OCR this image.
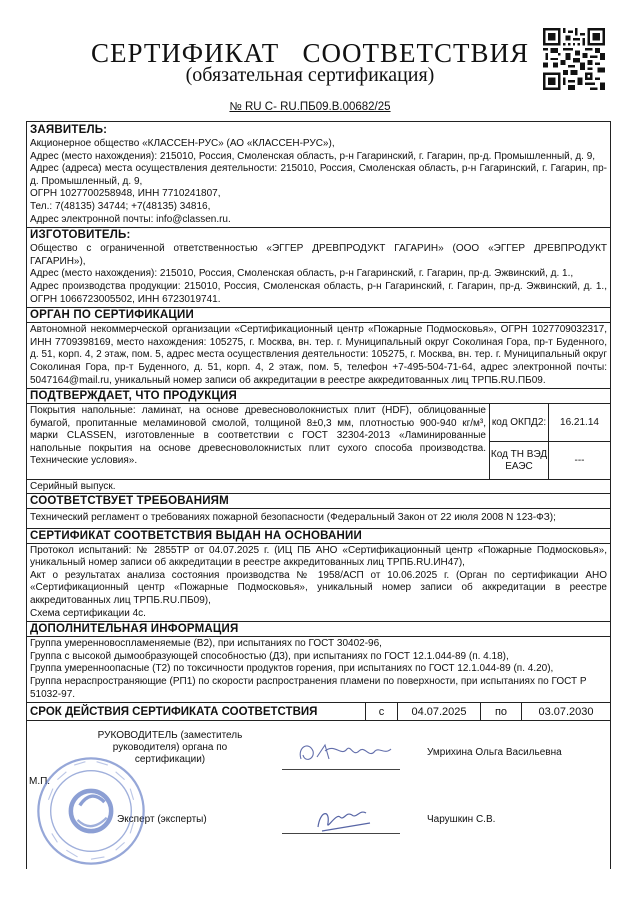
СЕРТИФИКАТ   СООТВЕТСТВИЯ
(обязательная сертификация)
№ RU C- RU.ПБ09.В.00682/25
ЗАЯВИТЕЛЬ:

Акционерное общество «КЛАССЕН-РУС» (АО «КЛАССЕН-РУС»),

Адрес (место нахождения): 215010, Россия, Смоленская область, р-н Гагаринский, г. Гагарин, пр-д. Промышленный, д. 9,

Адрес (адреса) места осуществления деятельности: 215010, Россия, Смоленская область, р-н Гагаринский, г. Гагарин, пр-д. Промышленный, д. 9,

ОГРН 1027700258948, ИНН 7710241807,

Тел.: 7(48135) 34744; +7(48135) 34816,

Адрес электронной почты: info@classen.ru.

ИЗГОТОВИТЕЛЬ:

Общество с ограниченной ответственностью «ЭГГЕР ДРЕВПРОДУКТ ГАГАРИН» (ООО «ЭГГЕР ДРЕВПРОДУКТ ГАГАРИН»),

Адрес (место нахождения): 215010, Россия, Смоленская область, р-н Гагаринский, г. Гагарин, пр-д. Эжвинский, д. 1.,

Адрес производства продукции: 215010, Россия, Смоленская область, р-н Гагаринский, г. Гагарин, пр-д. Эжвинский, д. 1., ОГРН 1066723005502, ИНН 6723019741.

ОРГАН ПО СЕРТИФИКАЦИИ
Автономной некоммерческой организации «Сертификационный центр «Пожарные Подмосковья», ОГРН 1027709032317, ИНН 7709398169, место нахождения: 105275, г. Москва, вн. тер. г. Муниципальный округ Соколиная Гора, пр-т Буденного, д. 51, корп. 4, 2 этаж, пом. 5, адрес места осуществления деятельности: 105275, г. Москва, вн. тер. г. Муниципальный округ Соколиная Гора, пр-т Буденного, д. 51, корп. 4, 2 этаж, пом. 5, телефон +7-495-504-71-64, адрес электронной почты: 5047164@mail.ru, уникальный номер записи об аккредитации в реестре аккредитованных лиц ТРПБ.RU.ПБ09.
ПОДТВЕРЖДАЕТ, ЧТО ПРОДУКЦИЯ
Покрытия напольные: ламинат, на основе древесноволокнистых плит (HDF), облицованные бумагой, пропитанные меламиновой смолой, толщиной 8±0,3 мм, плотностью 900-940 кг/м³, марки CLASSEN, изготовленные в соответствии с ГОСТ 32304-2013 «Ламинированные напольные покрытия на основе древесноволокнистых плит сухого способа производства. Технические условия».
код ОКПД2:	16.21.14
Код ТН ВЭД ЕАЭС	---
Серийный выпуск.
СООТВЕТСТВУЕТ ТРЕБОВАНИЯМ
Технический регламент о требованиях пожарной безопасности (Федеральный Закон от 22 июля 2008 N 123-ФЗ);
СЕРТИФИКАТ СООТВЕТСТВИЯ ВЫДАН НА ОСНОВАНИИ

Протокол испытаний: № 2855ТР от 04.07.2025 г. (ИЦ ПБ АНО «Сертификационный центр «Пожарные Подмосковья», уникальный номер записи об аккредитации в реестре аккредитованных лиц ТРПБ.RU.ИН47),

Акт о результатах анализа состояния производства № 1958/АСП от 10.06.2025 г. (Орган по сертификации АНО «Сертификационный центр «Пожарные Подмосковья», уникальный номер записи об аккредитации в реестре аккредитованных лиц ТРПБ.RU.ПБ09),

Схема сертификации 4с.

ДОПОЛНИТЕЛЬНАЯ ИНФОРМАЦИЯ

Группа умеренновоспламеняемые (В2), при испытаниях по ГОСТ 30402-96,

Группа с высокой дымообразующей способностью (Д3), при испытаниях по ГОСТ 12.1.044-89 (п. 4.18),

Группа умеренноопасные (Т2) по токсичности продуктов горения, при испытаниях по ГОСТ 12.1.044-89 (п. 4.20),

Группа нераспространяющие (РП1) по скорости распространения пламени по поверхности, при испытаниях по ГОСТ Р 51032-97.

СРОК ДЕЙСТВИЯ СЕРТИФИКАТА СООТВЕТСТВИЯ	с	04.07.2025	по	03.07.2030
РУКОВОДИТЕЛЬ (заместитель руководителя) органа по сертификации)
Умрихина Ольга Васильевна
М.П.
Эксперт (эксперты)	Чарушкин С.В.
